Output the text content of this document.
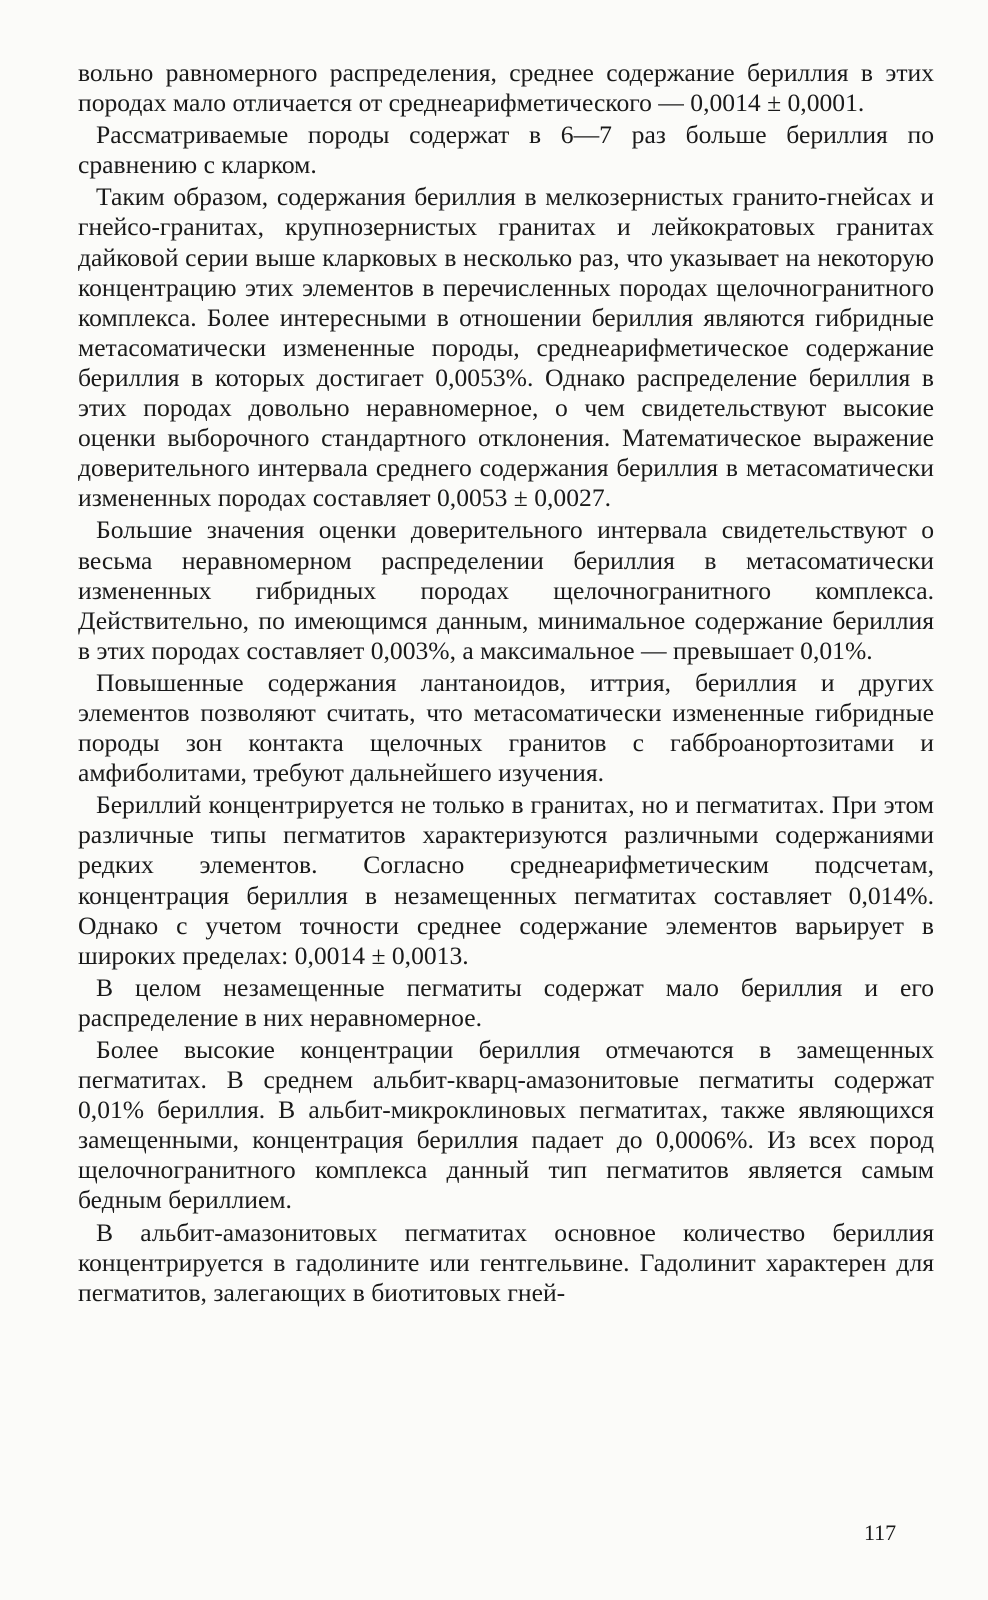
вольно равномерного распределения, среднее содержание бериллия в этих породах мало отличается от среднеарифметического — 0,0014 ± 0,0001.

Рассматриваемые породы содержат в 6—7 раз больше бериллия по сравнению с кларком.

Таким образом, содержания бериллия в мелкозернистых гранито-гнейсах и гнейсо-гранитах, крупнозернистых гранитах и лейкократовых гранитах дайковой серии выше кларковых в несколько раз, что указывает на некоторую концентрацию этих элементов в перечисленных породах щелочногранитного комплекса. Более интересными в отношении бериллия являются гибридные метасоматически измененные породы, среднеарифметическое содержание бериллия в которых достигает 0,0053%. Однако распределение бериллия в этих породах довольно неравномерное, о чем свидетельствуют высокие оценки выборочного стандартного отклонения. Математическое выражение доверительного интервала среднего содержания бериллия в метасоматически измененных породах составляет 0,0053 ± 0,0027.

Большие значения оценки доверительного интервала свидетельствуют о весьма неравномерном распределении бериллия в метасоматически измененных гибридных породах щелочногранитного комплекса. Действительно, по имеющимся данным, минимальное содержание бериллия в этих породах составляет 0,003%, а максимальное — превышает 0,01%.

Повышенные содержания лантаноидов, иттрия, бериллия и других элементов позволяют считать, что метасоматически измененные гибридные породы зон контакта щелочных гранитов с габброанортозитами и амфиболитами, требуют дальнейшего изучения.

Бериллий концентрируется не только в гранитах, но и пегматитах. При этом различные типы пегматитов характеризуются различными содержаниями редких элементов. Согласно среднеарифметическим подсчетам, концентрация бериллия в незамещенных пегматитах составляет 0,014%. Однако с учетом точности среднее содержание элементов варьирует в широких пределах: 0,0014 ± 0,0013.

В целом незамещенные пегматиты содержат мало бериллия и его распределение в них неравномерное.

Более высокие концентрации бериллия отмечаются в замещенных пегматитах. В среднем альбит-кварц-амазонитовые пегматиты содержат 0,01% бериллия. В альбит-микроклиновых пегматитах, также являющихся замещенными, концентрация бериллия падает до 0,0006%. Из всех пород щелочногранитного комплекса данный тип пегматитов является самым бедным бериллием.

В альбит-амазонитовых пегматитах основное количество бериллия концентрируется в гадолините или гентгельвине. Гадолинит характерен для пегматитов, залегающих в биотитовых гней-

117
